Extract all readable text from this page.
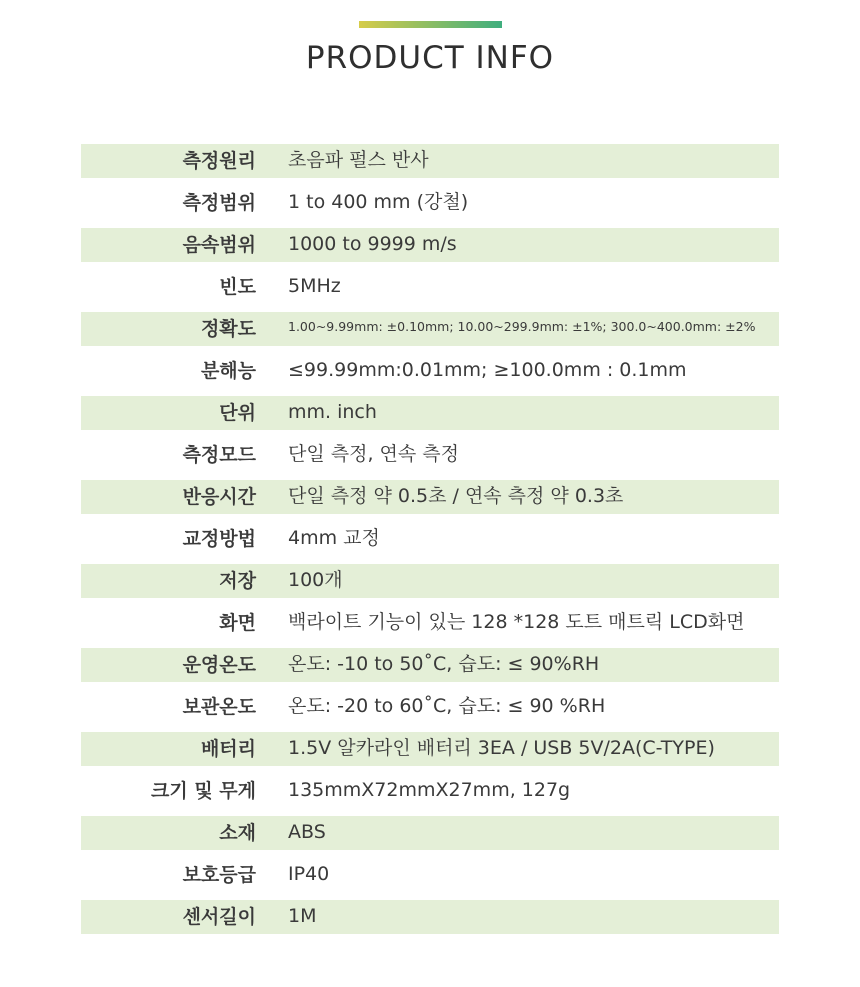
PRODUCT INFO
측정원리 초음파 펄스 반사
측정범위 1 to 400 mm (강철)
음속범위 1000 to 9999 m/s
빈도 5MHz
정확도	1.00~9.99mm: ±0.10mm; 10.00~299.9mm: ±1%; 300.0~400.0mm: ±2%
분해능 ≤99.99mm:0.01mm; ≥100.0mm : 0.1mm
단위 mm. inch
측정모드 단일 측정, 연속 측정
반응시간 단일 측정 약 0.5초 / 연속 측정 약 0.3초
교정방법 4mm 교정
저장 100개
화면 백라이트 기능이 있는 128 *128 도트 매트릭 LCD화면
운영온도 온도: -10 to 50˚C, 습도: ≤ 90%RH
보관온도 온도: -20 to 60˚C, 습도: ≤ 90 %RH
배터리 1.5V 알카라인 배터리 3EA / USB 5V/2A(C-TYPE)
크기 및 무게 135mmX72mmX27mm, 127g
소재 ABS
보호등급 IP40
센서길이 1M
